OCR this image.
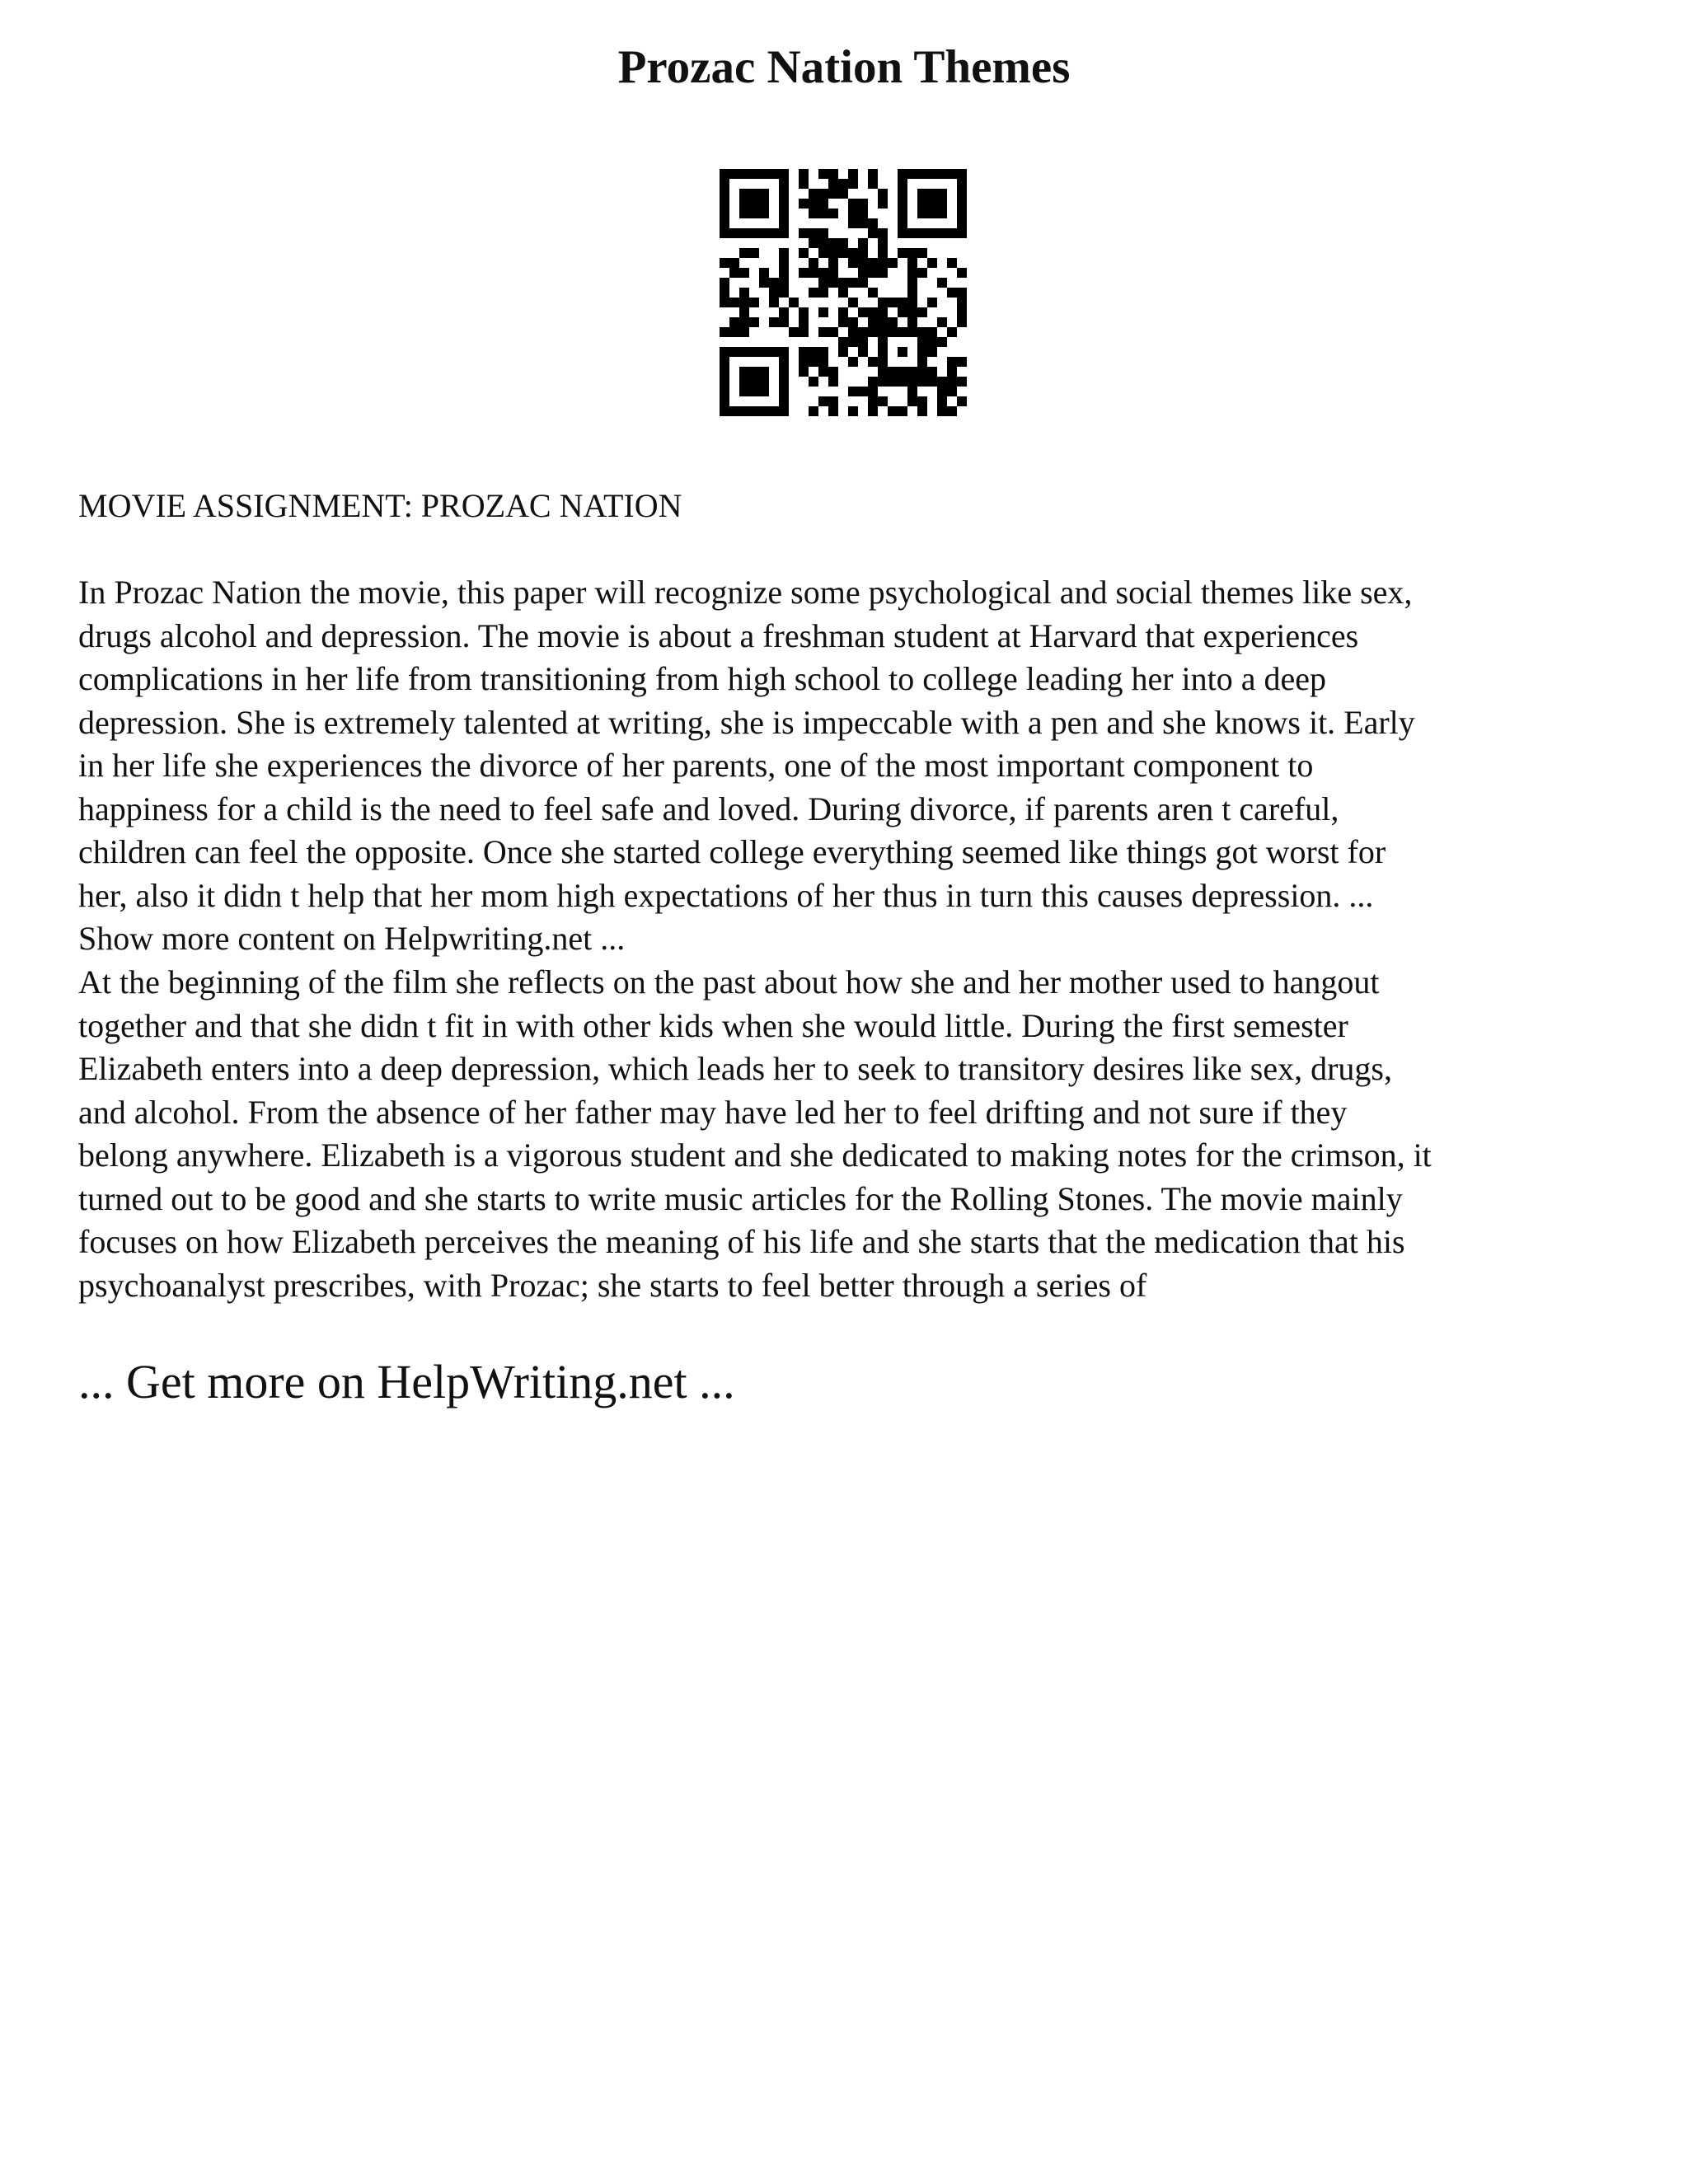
Prozac Nation Themes

MOVIE ASSIGNMENT: PROZAC NATION

In Prozac Nation the movie, this paper will recognize some psychological and social themes like sex,
drugs alcohol and depression. The movie is about a freshman student at Harvard that experiences
complications in her life from transitioning from high school to college leading her into a deep
depression. She is extremely talented at writing, she is impeccable with a pen and she knows it. Early
in her life she experiences the divorce of her parents, one of the most important component to
happiness for a child is the need to feel safe and loved. During divorce, if parents aren t careful,
children can feel the opposite. Once she started college everything seemed like things got worst for
her, also it didn t help that her mom high expectations of her thus in turn this causes depression. ...
Show more content on Helpwriting.net ...
At the beginning of the film she reflects on the past about how she and her mother used to hangout
together and that she didn t fit in with other kids when she would little. During the first semester
Elizabeth enters into a deep depression, which leads her to seek to transitory desires like sex, drugs,
and alcohol. From the absence of her father may have led her to feel drifting and not sure if they
belong anywhere. Elizabeth is a vigorous student and she dedicated to making notes for the crimson, it
turned out to be good and she starts to write music articles for the Rolling Stones. The movie mainly
focuses on how Elizabeth perceives the meaning of his life and she starts that the medication that his
psychoanalyst prescribes, with Prozac; she starts to feel better through a series of

... Get more on HelpWriting.net ...
